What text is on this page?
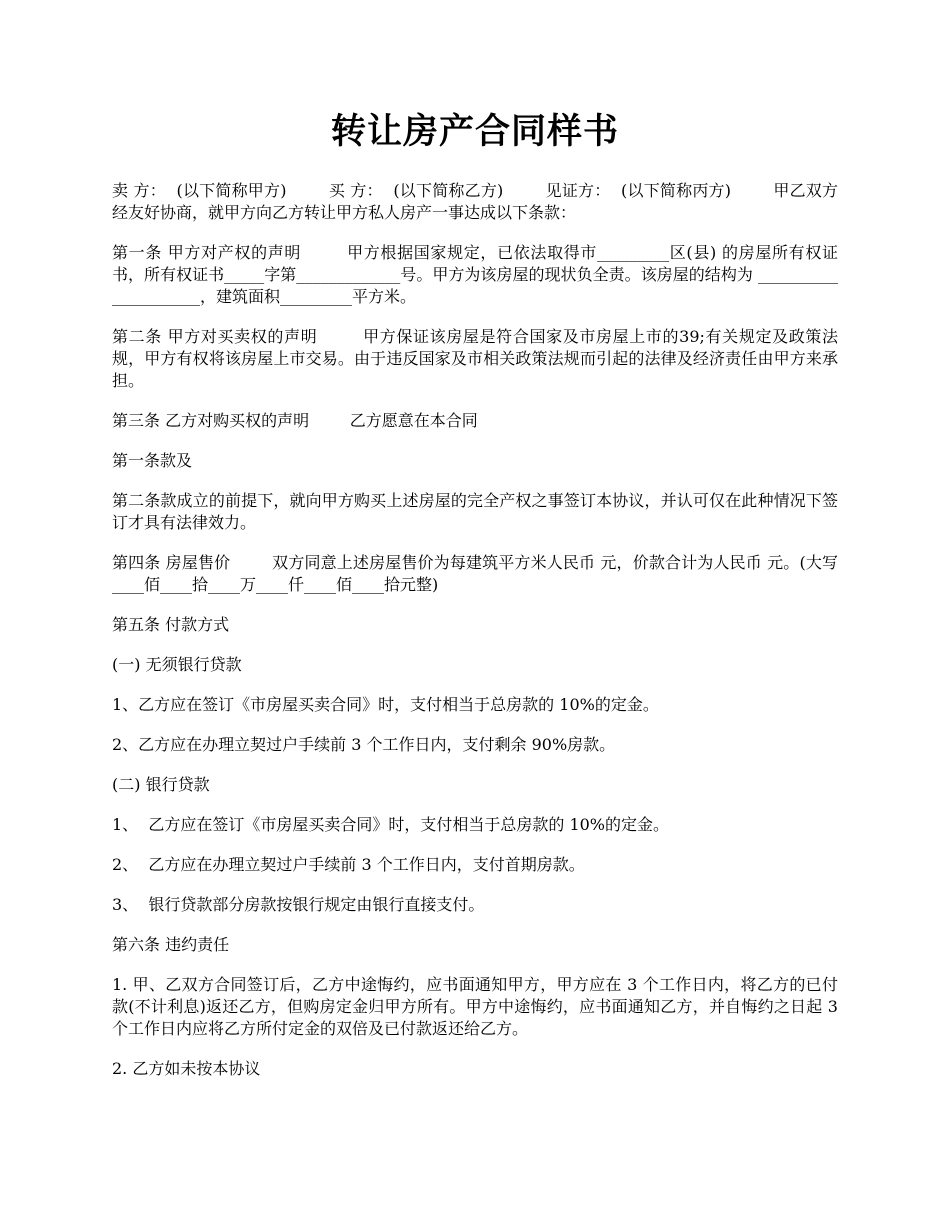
转让房产合同样书

卖 方：  (以下简称甲方)        买 方：  (以下简称乙方)        见证方：  (以下简称丙方)        甲乙双方经友好协商，就甲方向乙方转让甲方私人房产一事达成以下条款：

第一条 甲方对产权的声明        甲方根据国家规定，已依法取得市_________区(县) 的房屋所有权证书，所有权证书_____字第_____________号。甲方为该房屋的现状负全责。该房屋的结构为 _____________________，建筑面积_________平方米。

第二条 甲方对买卖权的声明        甲方保证该房屋是符合国家及市房屋上市的39;有关规定及政策法规，甲方有权将该房屋上市交易。由于违反国家及市相关政策法规而引起的法律及经济责任由甲方来承担。

第三条 乙方对购买权的声明        乙方愿意在本合同

第一条款及

第二条款成立的前提下，就向甲方购买上述房屋的完全产权之事签订本协议，并认可仅在此种情况下签订才具有法律效力。

第四条 房屋售价        双方同意上述房屋售价为每建筑平方米人民币 元，价款合计为人民币 元。(大写____佰____拾____万____仟____佰____拾元整)

第五条 付款方式

(一) 无须银行贷款

1、乙方应在签订《市房屋买卖合同》时，支付相当于总房款的 10%的定金。

2、乙方应在办理立契过户手续前 3 个工作日内，支付剩余 90%房款。

(二) 银行贷款

1、  乙方应在签订《市房屋买卖合同》时，支付相当于总房款的 10%的定金。

2、  乙方应在办理立契过户手续前 3 个工作日内，支付首期房款。

3、  银行贷款部分房款按银行规定由银行直接支付。

第六条 违约责任

1. 甲、乙双方合同签订后，乙方中途悔约，应书面通知甲方，甲方应在 3 个工作日内，将乙方的已付款(不计利息)返还乙方，但购房定金归甲方所有。甲方中途悔约，应书面通知乙方，并自悔约之日起 3 个工作日内应将乙方所付定金的双倍及已付款返还给乙方。

2. 乙方如未按本协议
